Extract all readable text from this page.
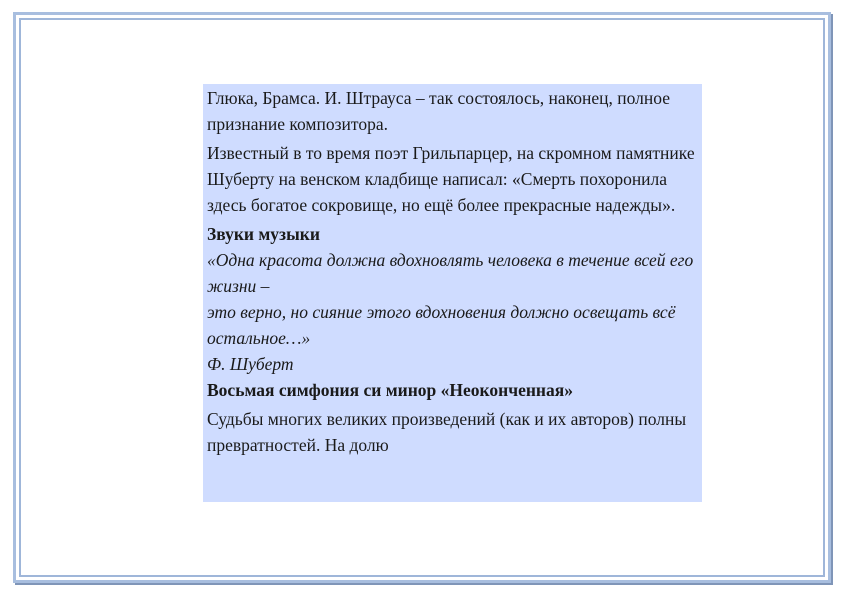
Глюка, Брамса. И. Штрауса – так состоялось, наконец, полное признание композитора.

Известный в то время поэт Грильпарцер, на скромном памятнике Шуберту на венском кладбище написал: «Смерть похоронила здесь богатое сокровище, но ещё более прекрасные надежды».

Звуки музыки

«Одна красота должна вдохновлять человека в течение всей его жизни –

это верно, но сияние этого вдохновения должно освещать всё остальное…»

Ф. Шуберт

Восьмая симфония си минор «Неоконченная»

Судьбы многих великих произведений (как и их авторов) полны превратностей. На долю
